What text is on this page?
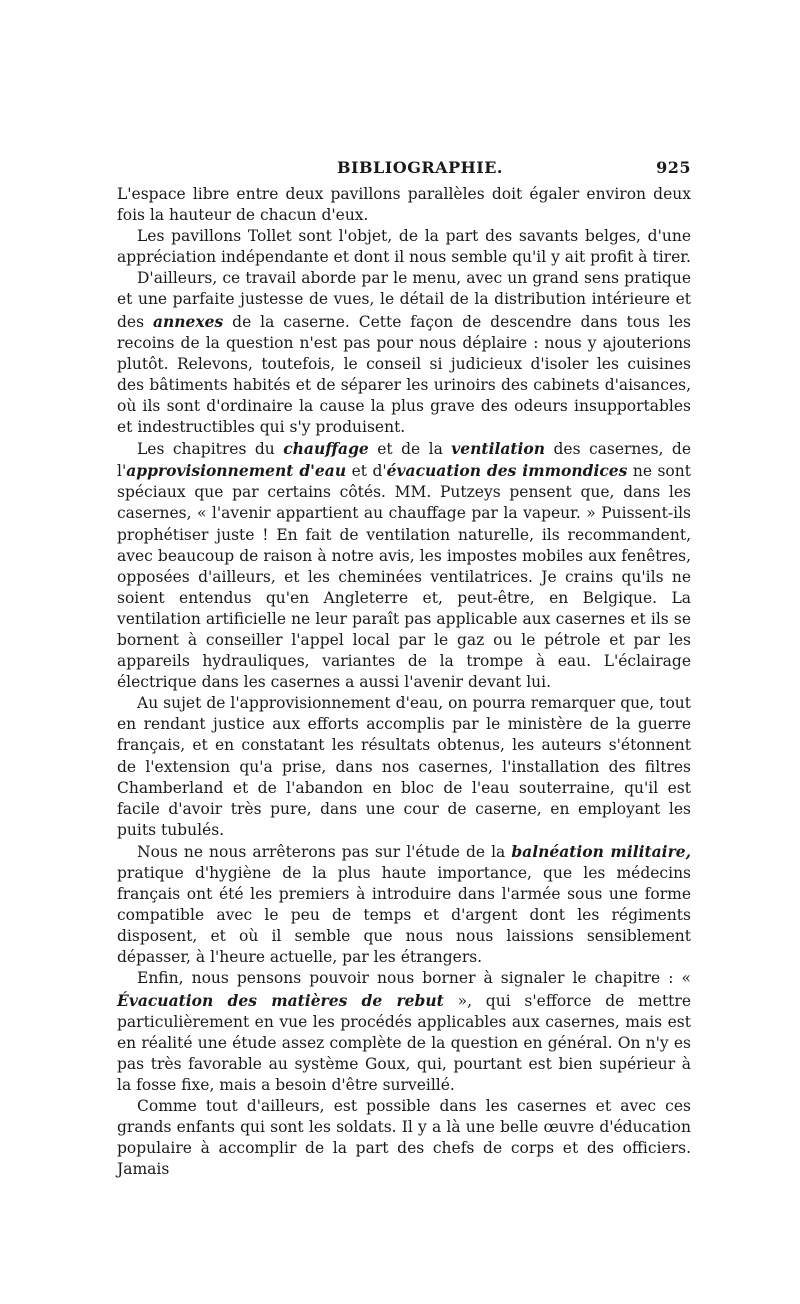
BIBLIOGRAPHIE.	925

L'espace libre entre deux pavillons parallèles doit égaler environ deux fois la hauteur de chacun d'eux.

Les pavillons Tollet sont l'objet, de la part des savants belges, d'une appréciation indépendante et dont il nous semble qu'il y ait profit à tirer.

D'ailleurs, ce travail aborde par le menu, avec un grand sens pratique et une parfaite justesse de vues, le détail de la distribution intérieure et des annexes de la caserne. Cette façon de descendre dans tous les recoins de la question n'est pas pour nous déplaire : nous y ajouterions plutôt. Relevons, toutefois, le conseil si judicieux d'isoler les cuisines des bâtiments habités et de séparer les urinoirs des cabinets d'aisances, où ils sont d'ordinaire la cause la plus grave des odeurs insupportables et indestructibles qui s'y produisent.

Les chapitres du chauffage et de la ventilation des casernes, de l'approvisionnement d'eau et d'évacuation des immondices ne sont spéciaux que par certains côtés. MM. Putzeys pensent que, dans les casernes, « l'avenir appartient au chauffage par la vapeur. » Puissent-ils prophétiser juste ! En fait de ventilation naturelle, ils recommandent, avec beaucoup de raison à notre avis, les impostes mobiles aux fenêtres, opposées d'ailleurs, et les cheminées ventilatrices. Je crains qu'ils ne soient entendus qu'en Angleterre et, peut-être, en Belgique. La ventilation artificielle ne leur paraît pas applicable aux casernes et ils se bornent à conseiller l'appel local par le gaz ou le pétrole et par les appareils hydrauliques, variantes de la trompe à eau. L'éclairage électrique dans les casernes a aussi l'avenir devant lui.

Au sujet de l'approvisionnement d'eau, on pourra remarquer que, tout en rendant justice aux efforts accomplis par le ministère de la guerre français, et en constatant les résultats obtenus, les auteurs s'étonnent de l'extension qu'a prise, dans nos casernes, l'installation des filtres Chamberland et de l'abandon en bloc de l'eau souterraine, qu'il est facile d'avoir très pure, dans une cour de caserne, en employant les puits tubulés.

Nous ne nous arrêterons pas sur l'étude de la balnéation militaire, pratique d'hygiène de la plus haute importance, que les médecins français ont été les premiers à introduire dans l'armée sous une forme compatible avec le peu de temps et d'argent dont les régiments disposent, et où il semble que nous nous laissions sensiblement dépasser, à l'heure actuelle, par les étrangers.

Enfin, nous pensons pouvoir nous borner à signaler le chapitre : « Évacuation des matières de rebut », qui s'efforce de mettre particulièrement en vue les procédés applicables aux casernes, mais est en réalité une étude assez complète de la question en général. On n'y es pas très favorable au système Goux, qui, pourtant est bien supérieur à la fosse fixe, mais a besoin d'être surveillé.

Comme tout d'ailleurs, est possible dans les casernes et avec ces grands enfants qui sont les soldats. Il y a là une belle œuvre d'éducation populaire à accomplir de la part des chefs de corps et des officiers. Jamais
